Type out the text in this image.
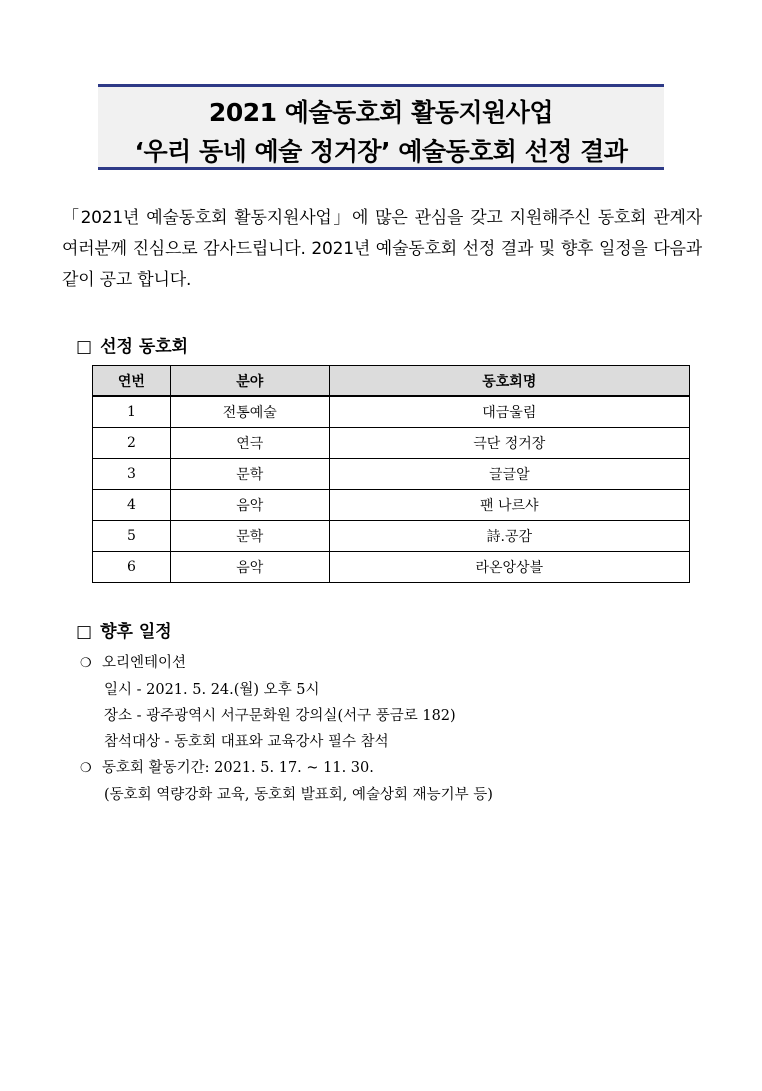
2021 예술동호회 활동지원사업
‘우리 동네 예술 정거장’ 예술동호회 선정 결과
「2021년 예술동호회 활동지원사업」에 많은 관심을 갖고 지원해주신 동호회 관계자 여러분께 진심으로 감사드립니다. 2021년 예술동호회 선정 결과 및 향후 일정을 다음과 같이 공고 합니다.
□ 선정 동호회
연번	분야	동호회명
1	전통예술	대금울림
2	연극	극단 정거장
3	문학	글글알
4	음악	팬 나르샤
5	문학	詩.공감
6	음악	라온앙상블
□ 향후 일정
❍ 오리엔테이션
일시 - 2021. 5. 24.(월) 오후 5시
장소 - 광주광역시 서구문화원 강의실(서구 풍금로 182)
참석대상 - 동호회 대표와 교육강사 필수 참석
❍ 동호회 활동기간: 2021. 5. 17. ~ 11. 30.
(동호회 역량강화 교육, 동호회 발표회, 예술상회 재능기부 등)
